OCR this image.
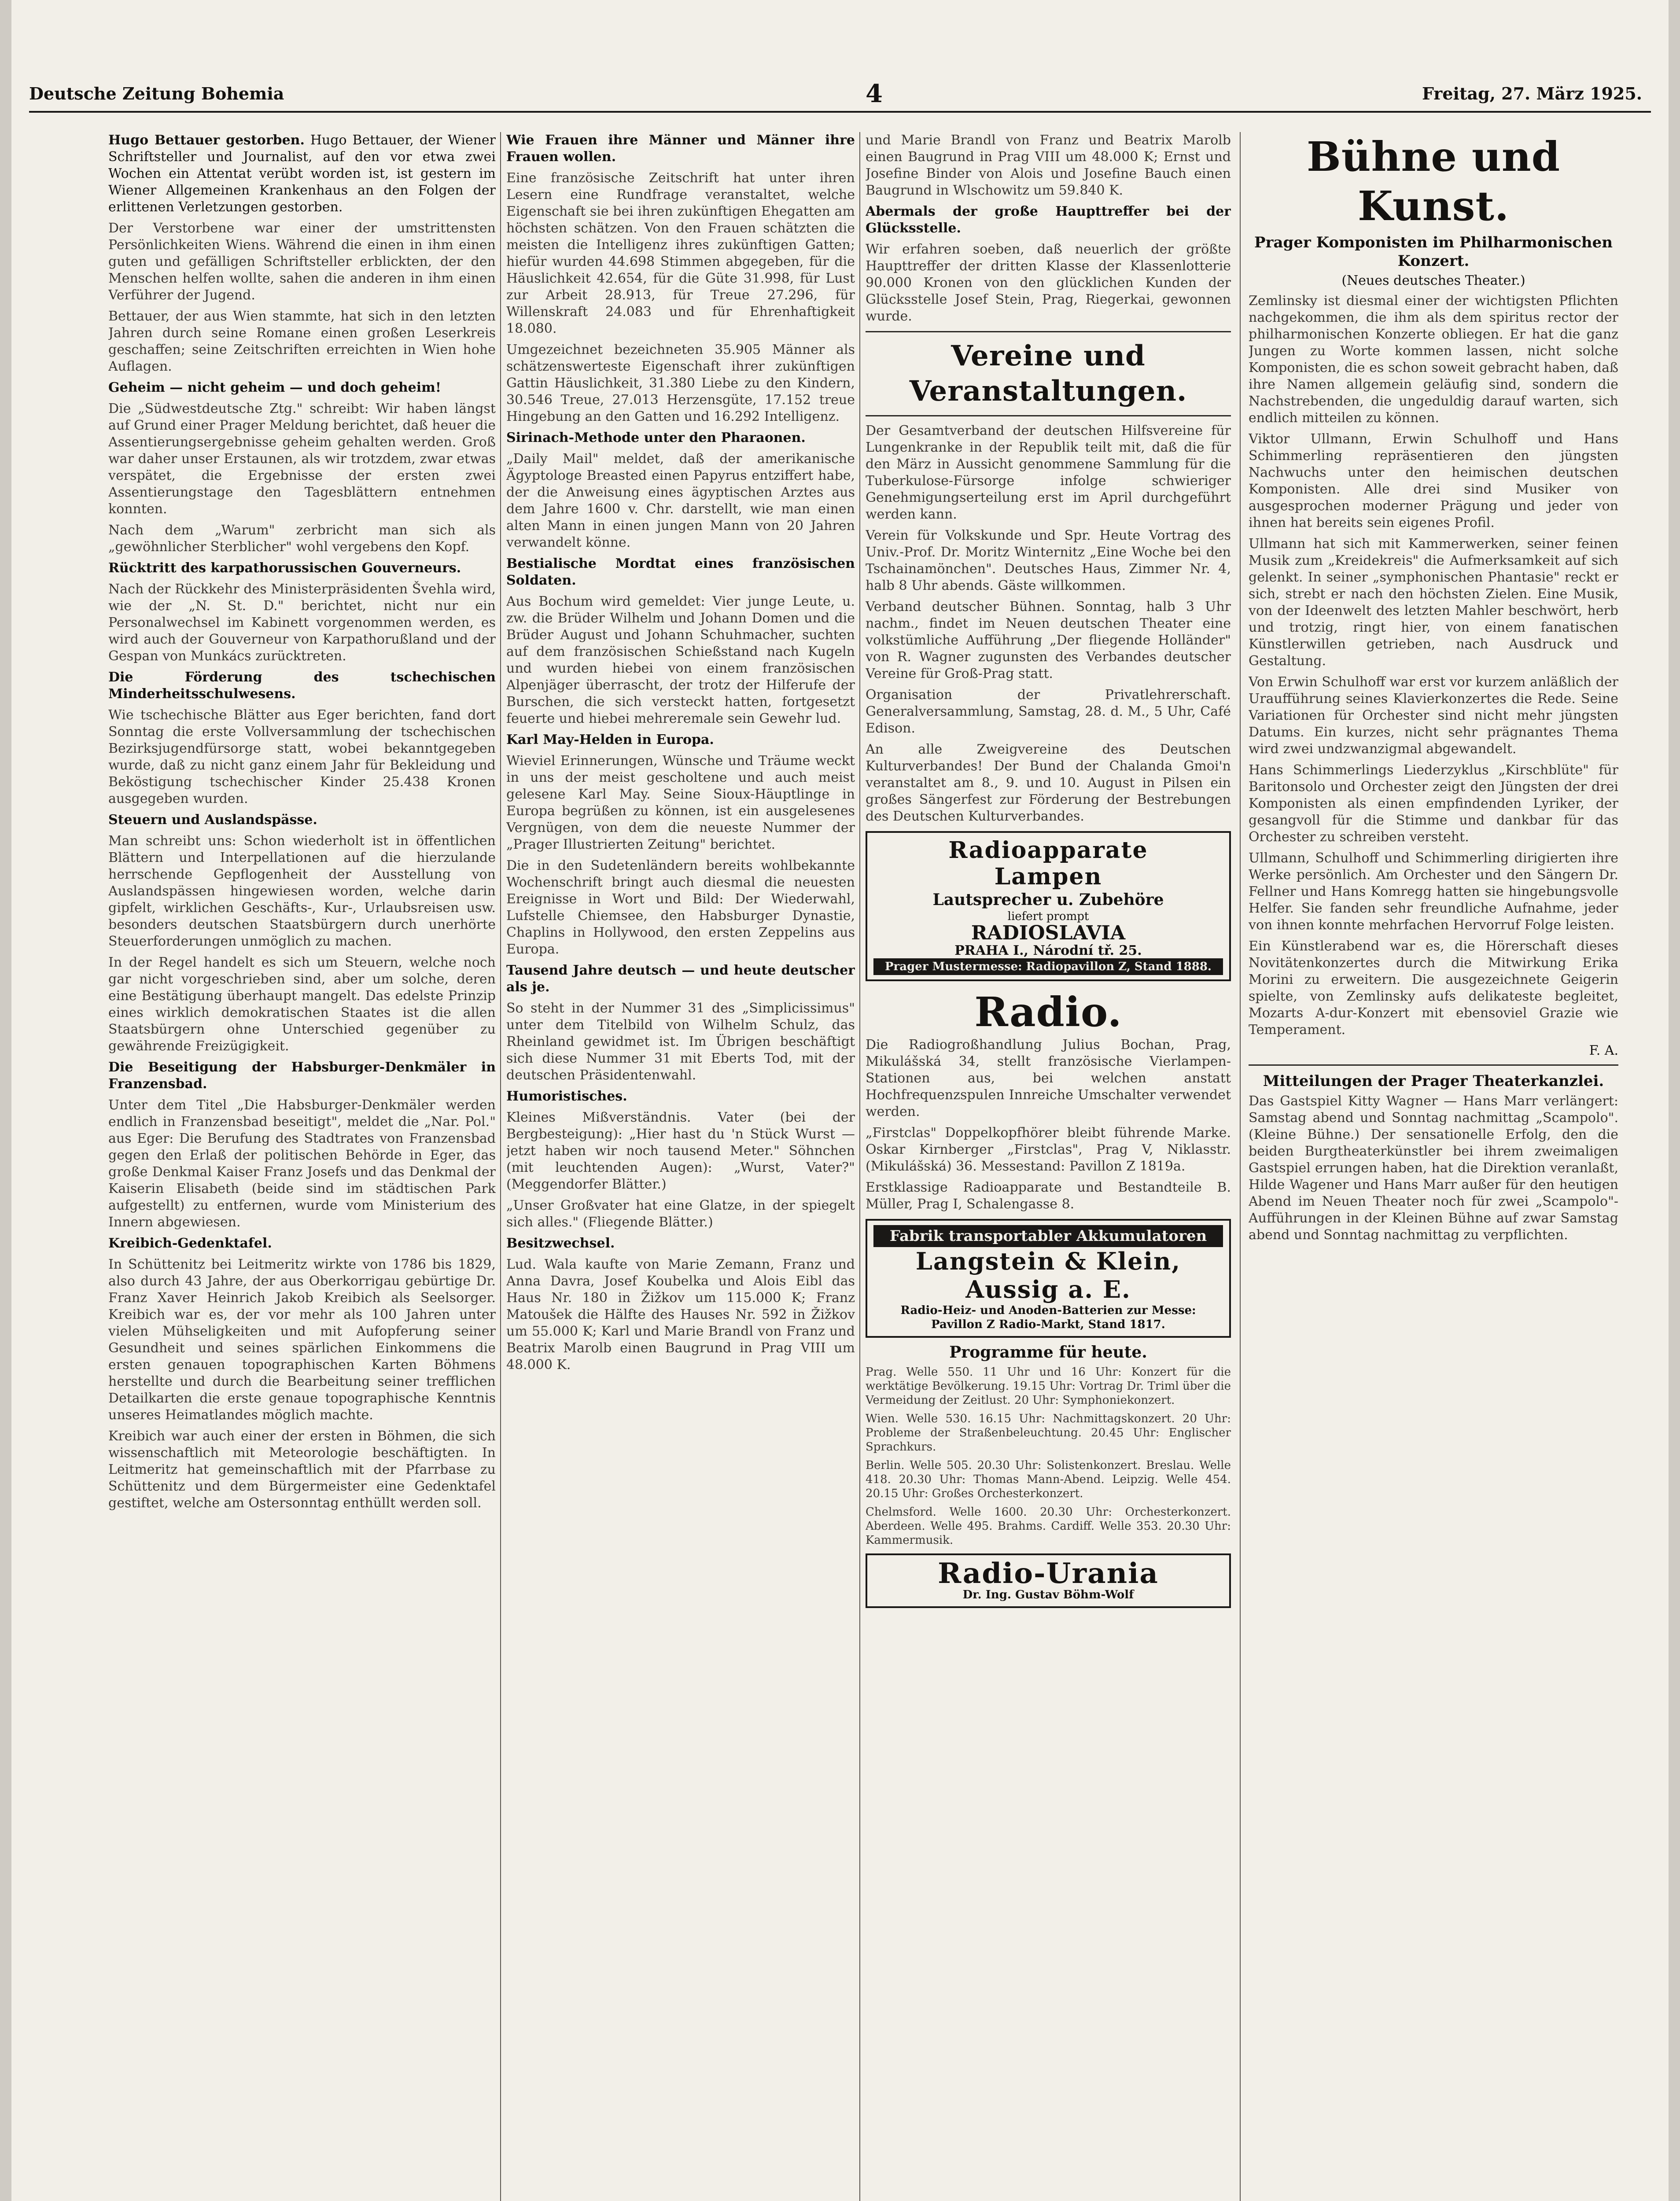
Deutsche Zeitung Bohemia	4	Freitag, 27. März 1925.

Hugo Bettauer gestorben. Hugo Bettauer, der Wiener Schriftsteller und Journalist, auf den vor etwa zwei Wochen ein Attentat verübt worden ist, ist gestern im Wiener Allgemeinen Krankenhaus an den Folgen der erlittenen Verletzungen gestorben.

Der Verstorbene war einer der umstrittensten Persönlichkeiten Wiens. Während die einen in ihm einen guten und gefälligen Schriftsteller erblickten, der den Menschen helfen wollte, sahen die anderen in ihm einen Verführer der Jugend.

Bettauer, der aus Wien stammte, hat sich in den letzten Jahren durch seine Romane einen großen Leserkreis geschaffen; seine Zeitschriften erreichten in Wien hohe Auflagen.

Geheim — nicht geheim — und doch geheim!

Die „Südwestdeutsche Ztg." schreibt: Wir haben längst auf Grund einer Prager Meldung berichtet, daß heuer die Assentierungsergebnisse geheim gehalten werden. Groß war daher unser Erstaunen, als wir trotzdem, zwar etwas verspätet, die Ergebnisse der ersten zwei Assentierungstage den Tagesblättern entnehmen konnten.

Nach dem „Warum" zerbricht man sich als „gewöhnlicher Sterblicher" wohl vergebens den Kopf.

Rücktritt des karpathorussischen Gouverneurs.

Nach der Rückkehr des Ministerpräsidenten Švehla wird, wie der „N. St. D." berichtet, nicht nur ein Personalwechsel im Kabinett vorgenommen werden, es wird auch der Gouverneur von Karpathorußland und der Gespan von Munkács zurücktreten.

Die Förderung des tschechischen Minderheitsschulwesens.

Wie tschechische Blätter aus Eger berichten, fand dort Sonntag die erste Vollversammlung der tschechischen Bezirksjugendfürsorge statt, wobei bekanntgegeben wurde, daß zu nicht ganz einem Jahr für Bekleidung und Beköstigung tschechischer Kinder 25.438 Kronen ausgegeben wurden.

Steuern und Auslandspässe.

Man schreibt uns: Schon wiederholt ist in öffentlichen Blättern und Interpellationen auf die hierzulande herrschende Gepflogenheit der Ausstellung von Auslandspässen hingewiesen worden, welche darin gipfelt, wirklichen Geschäfts-, Kur-, Urlaubsreisen usw. besonders deutschen Staatsbürgern durch unerhörte Steuerforderungen unmöglich zu machen.

In der Regel handelt es sich um Steuern, welche noch gar nicht vorgeschrieben sind, aber um solche, deren eine Bestätigung überhaupt mangelt. Das edelste Prinzip eines wirklich demokratischen Staates ist die allen Staatsbürgern ohne Unterschied gegenüber zu gewährende Freizügigkeit.

Die Beseitigung der Habsburger-Denkmäler in Franzensbad.

Unter dem Titel „Die Habsburger-Denkmäler werden endlich in Franzensbad beseitigt", meldet die „Nar. Pol." aus Eger: Die Berufung des Stadtrates von Franzensbad gegen den Erlaß der politischen Behörde in Eger, das große Denkmal Kaiser Franz Josefs und das Denkmal der Kaiserin Elisabeth (beide sind im städtischen Park aufgestellt) zu entfernen, wurde vom Ministerium des Innern abgewiesen.

Kreibich-Gedenktafel.

In Schüttenitz bei Leitmeritz wirkte von 1786 bis 1829, also durch 43 Jahre, der aus Oberkorrigau gebürtige Dr. Franz Xaver Heinrich Jakob Kreibich als Seelsorger. Kreibich war es, der vor mehr als 100 Jahren unter vielen Mühseligkeiten und mit Aufopferung seiner Gesundheit und seines spärlichen Einkommens die ersten genauen topographischen Karten Böhmens herstellte und durch die Bearbeitung seiner trefflichen Detailkarten die erste genaue topographische Kenntnis unseres Heimatlandes möglich machte.

Kreibich war auch einer der ersten in Böhmen, die sich wissenschaftlich mit Meteorologie beschäftigten. In Leitmeritz hat gemeinschaftlich mit der Pfarrbase zu Schüttenitz und dem Bürgermeister eine Gedenktafel gestiftet, welche am Ostersonntag enthüllt werden soll.

Wie Frauen ihre Männer und Männer ihre Frauen wollen.

Eine französische Zeitschrift hat unter ihren Lesern eine Rundfrage veranstaltet, welche Eigenschaft sie bei ihren zukünftigen Ehegatten am höchsten schätzen. Von den Frauen schätzten die meisten die Intelligenz ihres zukünftigen Gatten; hiefür wurden 44.698 Stimmen abgegeben, für die Häuslichkeit 42.654, für die Güte 31.998, für Lust zur Arbeit 28.913, für Treue 27.296, für Willenskraft 24.083 und für Ehrenhaftigkeit 18.080.

Umgezeichnet bezeichneten 35.905 Männer als schätzenswerteste Eigenschaft ihrer zukünftigen Gattin Häuslichkeit, 31.380 Liebe zu den Kindern, 30.546 Treue, 27.013 Herzensgüte, 17.152 treue Hingebung an den Gatten und 16.292 Intelligenz.

Sirinach-Methode unter den Pharaonen.

„Daily Mail" meldet, daß der amerikanische Ägyptologe Breasted einen Papyrus entziffert habe, der die Anweisung eines ägyptischen Arztes aus dem Jahre 1600 v. Chr. darstellt, wie man einen alten Mann in einen jungen Mann von 20 Jahren verwandelt könne.

Bestialische Mordtat eines französischen Soldaten.

Aus Bochum wird gemeldet: Vier junge Leute, u. zw. die Brüder Wilhelm und Johann Domen und die Brüder August und Johann Schuhmacher, suchten auf dem französischen Schießstand nach Kugeln und wurden hiebei von einem französischen Alpenjäger überrascht, der trotz der Hilferufe der Burschen, die sich versteckt hatten, fortgesetzt feuerte und hiebei mehreremale sein Gewehr lud.

Karl May-Helden in Europa.

Wieviel Erinnerungen, Wünsche und Träume weckt in uns der meist gescholtene und auch meist gelesene Karl May. Seine Sioux-Häuptlinge in Europa begrüßen zu können, ist ein ausgelesenes Vergnügen, von dem die neueste Nummer der „Prager Illustrierten Zeitung" berichtet.

Die in den Sudetenländern bereits wohlbekannte Wochenschrift bringt auch diesmal die neuesten Ereignisse in Wort und Bild: Der Wiederwahl, Lufstelle Chiemsee, den Habsburger Dynastie, Chaplins in Hollywood, den ersten Zeppelins aus Europa.

Tausend Jahre deutsch — und heute deutscher als je.

So steht in der Nummer 31 des „Simplicissimus" unter dem Titelbild von Wilhelm Schulz, das Rheinland gewidmet ist. Im Übrigen beschäftigt sich diese Nummer 31 mit Eberts Tod, mit der deutschen Präsidentenwahl.

Humoristisches.

Kleines Mißverständnis. Vater (bei der Bergbesteigung): „Hier hast du 'n Stück Wurst — jetzt haben wir noch tausend Meter." Söhnchen (mit leuchtenden Augen): „Wurst, Vater?" (Meggendorfer Blätter.)

„Unser Großvater hat eine Glatze, in der spiegelt sich alles." (Fliegende Blätter.)

Besitzwechsel.

Lud. Wala kaufte von Marie Zemann, Franz und Anna Davra, Josef Koubelka und Alois Eibl das Haus Nr. 180 in Žižkov um 115.000 K; Franz Matoušek die Hälfte des Hauses Nr. 592 in Žižkov um 55.000 K; Karl und Marie Brandl von Franz und Beatrix Marolb einen Baugrund in Prag VIII um 48.000 K.

und Marie Brandl von Franz und Beatrix Marolb einen Baugrund in Prag VIII um 48.000 K; Ernst und Josefine Binder von Alois und Josefine Bauch einen Baugrund in Wlschowitz um 59.840 K.

Abermals der große Haupttreffer bei der Glücksstelle.

Wir erfahren soeben, daß neuerlich der größte Haupttreffer der dritten Klasse der Klassenlotterie 90.000 Kronen von den glücklichen Kunden der Glücksstelle Josef Stein, Prag, Riegerkai, gewonnen wurde.

Vereine und Veranstaltungen.

Der Gesamtverband der deutschen Hilfsvereine für Lungenkranke in der Republik teilt mit, daß die für den März in Aussicht genommene Sammlung für die Tuberkulose-Fürsorge infolge schwieriger Genehmigungserteilung erst im April durchgeführt werden kann.

Verein für Volkskunde und Spr. Heute Vortrag des Univ.-Prof. Dr. Moritz Winternitz „Eine Woche bei den Tschainamönchen". Deutsches Haus, Zimmer Nr. 4, halb 8 Uhr abends. Gäste willkommen.

Verband deutscher Bühnen. Sonntag, halb 3 Uhr nachm., findet im Neuen deutschen Theater eine volkstümliche Aufführung „Der fliegende Holländer" von R. Wagner zugunsten des Verbandes deutscher Vereine für Groß-Prag statt.

Organisation der Privatlehrerschaft. Generalversammlung, Samstag, 28. d. M., 5 Uhr, Café Edison.

An alle Zweigvereine des Deutschen Kulturverbandes! Der Bund der Chalanda Gmoi'n veranstaltet am 8., 9. und 10. August in Pilsen ein großes Sängerfest zur Förderung der Bestrebungen des Deutschen Kulturverbandes.

Radioapparate
Lampen
Lautsprecher u. Zubehöre
liefert prompt
RADIOSLAVIA
PRAHA I., Národní tř. 25.
Prager Mustermesse: Radiopavillon Z, Stand 1888.
Radio.

Die Radiogroßhandlung Julius Bochan, Prag, Mikulášská 34, stellt französische Vierlampen-Stationen aus, bei welchen anstatt Hochfrequenzspulen Innreiche Umschalter verwendet werden.

„Firstclas" Doppelkopfhörer bleibt führende Marke. Oskar Kirnberger „Firstclas", Prag V, Niklasstr. (Mikulášská) 36. Messestand: Pavillon Z 1819a.

Erstklassige Radioapparate und Bestandteile B. Müller, Prag I, Schalengasse 8.

Fabrik transportabler Akkumulatoren
Langstein & Klein, Aussig a. E.
Radio-Heiz- und Anoden-Batterien zur Messe: Pavillon Z Radio-Markt, Stand 1817.

Programme für heute.

Prag. Welle 550. 11 Uhr und 16 Uhr: Konzert für die werktätige Bevölkerung. 19.15 Uhr: Vortrag Dr. Triml über die Vermeidung der Zeitlust. 20 Uhr: Symphoniekonzert.

Wien. Welle 530. 16.15 Uhr: Nachmittagskonzert. 20 Uhr: Probleme der Straßenbeleuchtung. 20.45 Uhr: Englischer Sprachkurs.

Berlin. Welle 505. 20.30 Uhr: Solistenkonzert. Breslau. Welle 418. 20.30 Uhr: Thomas Mann-Abend. Leipzig. Welle 454. 20.15 Uhr: Großes Orchesterkonzert.

Chelmsford. Welle 1600. 20.30 Uhr: Orchesterkonzert. Aberdeen. Welle 495. Brahms. Cardiff. Welle 353. 20.30 Uhr: Kammermusik.

Radio-Urania
Dr. Ing. Gustav Böhm-Wolf
Bühne und Kunst.
Prager Komponisten im Philharmonischen Konzert.
(Neues deutsches Theater.)

Zemlinsky ist diesmal einer der wichtigsten Pflichten nachgekommen, die ihm als dem spiritus rector der philharmonischen Konzerte obliegen. Er hat die ganz Jungen zu Worte kommen lassen, nicht solche Komponisten, die es schon soweit gebracht haben, daß ihre Namen allgemein geläufig sind, sondern die Nachstrebenden, die ungeduldig darauf warten, sich endlich mitteilen zu können.

Viktor Ullmann, Erwin Schulhoff und Hans Schimmerling repräsentieren den jüngsten Nachwuchs unter den heimischen deutschen Komponisten. Alle drei sind Musiker von ausgesprochen moderner Prägung und jeder von ihnen hat bereits sein eigenes Profil.

Ullmann hat sich mit Kammerwerken, seiner feinen Musik zum „Kreidekreis" die Aufmerksamkeit auf sich gelenkt. In seiner „symphonischen Phantasie" reckt er sich, strebt er nach den höchsten Zielen. Eine Musik, von der Ideenwelt des letzten Mahler beschwört, herb und trotzig, ringt hier, von einem fanatischen Künstlerwillen getrieben, nach Ausdruck und Gestaltung.

Von Erwin Schulhoff war erst vor kurzem anläßlich der Uraufführung seines Klavierkonzertes die Rede. Seine Variationen für Orchester sind nicht mehr jüngsten Datums. Ein kurzes, nicht sehr prägnantes Thema wird zwei undzwanzigmal abgewandelt.

Hans Schimmerlings Liederzyklus „Kirschblüte" für Baritonsolo und Orchester zeigt den Jüngsten der drei Komponisten als einen empfindenden Lyriker, der gesangvoll für die Stimme und dankbar für das Orchester zu schreiben versteht.

Ullmann, Schulhoff und Schimmerling dirigierten ihre Werke persönlich. Am Orchester und den Sängern Dr. Fellner und Hans Komregg hatten sie hingebungsvolle Helfer. Sie fanden sehr freundliche Aufnahme, jeder von ihnen konnte mehrfachen Hervorruf Folge leisten.

Ein Künstlerabend war es, die Hörerschaft dieses Novitätenkonzertes durch die Mitwirkung Erika Morini zu erweitern. Die ausgezeichnete Geigerin spielte, von Zemlinsky aufs delikateste begleitet, Mozarts A-dur-Konzert mit ebensoviel Grazie wie Temperament.

F. A.
Mitteilungen der Prager Theaterkanzlei.

Das Gastspiel Kitty Wagner — Hans Marr verlängert: Samstag abend und Sonntag nachmittag „Scampolo". (Kleine Bühne.) Der sensationelle Erfolg, den die beiden Burgtheaterkünstler bei ihrem zweimaligen Gastspiel errungen haben, hat die Direktion veranlaßt, Hilde Wagener und Hans Marr außer für den heutigen Abend im Neuen Theater noch für zwei „Scampolo"-Aufführungen in der Kleinen Bühne auf zwar Samstag abend und Sonntag nachmittag zu verpflichten.
